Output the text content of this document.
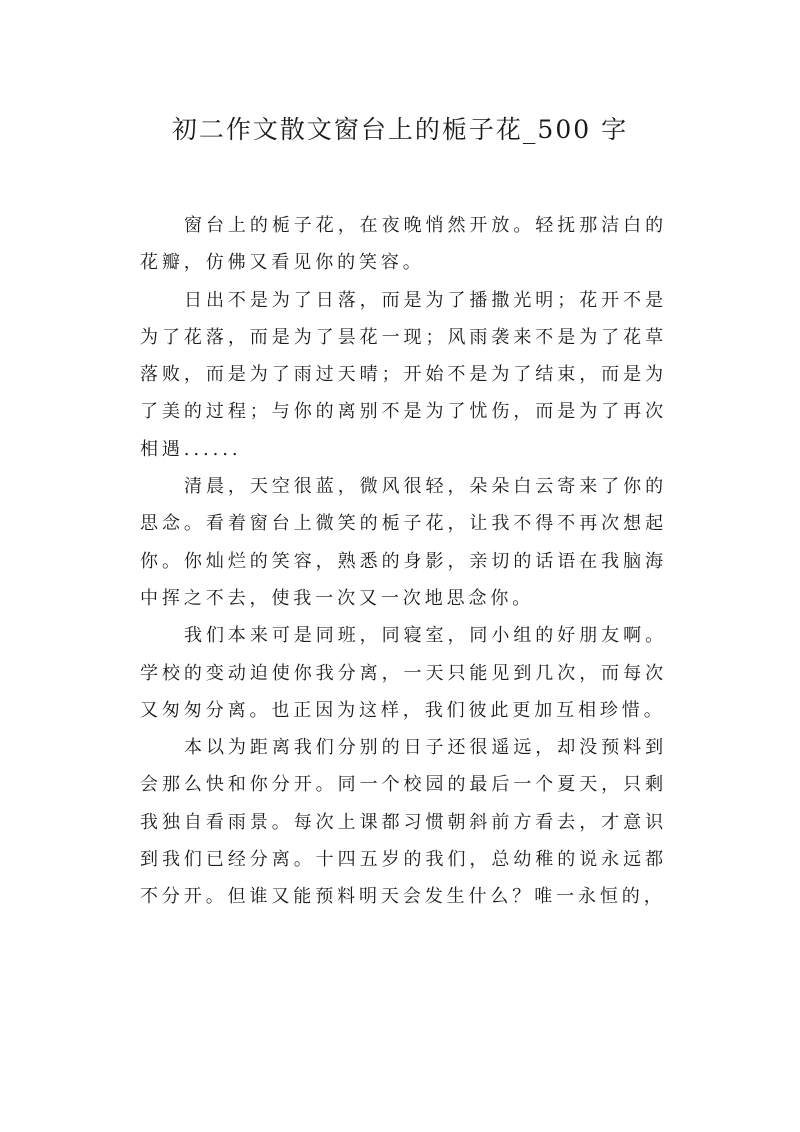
初二作文散文窗台上的栀子花_500 字

窗台上的栀子花，在夜晚悄然开放。轻抚那洁白的花瓣，仿佛又看见你的笑容。

日出不是为了日落，而是为了播撒光明；花开不是为了花落，而是为了昙花一现；风雨袭来不是为了花草落败，而是为了雨过天晴；开始不是为了结束，而是为了美的过程；与你的离别不是为了忧伤，而是为了再次相遇......

清晨，天空很蓝，微风很轻，朵朵白云寄来了你的思念。看着窗台上微笑的栀子花，让我不得不再次想起你。你灿烂的笑容，熟悉的身影，亲切的话语在我脑海中挥之不去，使我一次又一次地思念你。

我们本来可是同班，同寝室，同小组的好朋友啊。学校的变动迫使你我分离，一天只能见到几次，而每次又匆匆分离。也正因为这样，我们彼此更加互相珍惜。

本以为距离我们分别的日子还很遥远，却没预料到会那么快和你分开。同一个校园的最后一个夏天，只剩我独自看雨景。每次上课都习惯朝斜前方看去，才意识到我们已经分离。十四五岁的我们，总幼稚的说永远都不分开。但谁又能预料明天会发生什么？唯一永恒的，
